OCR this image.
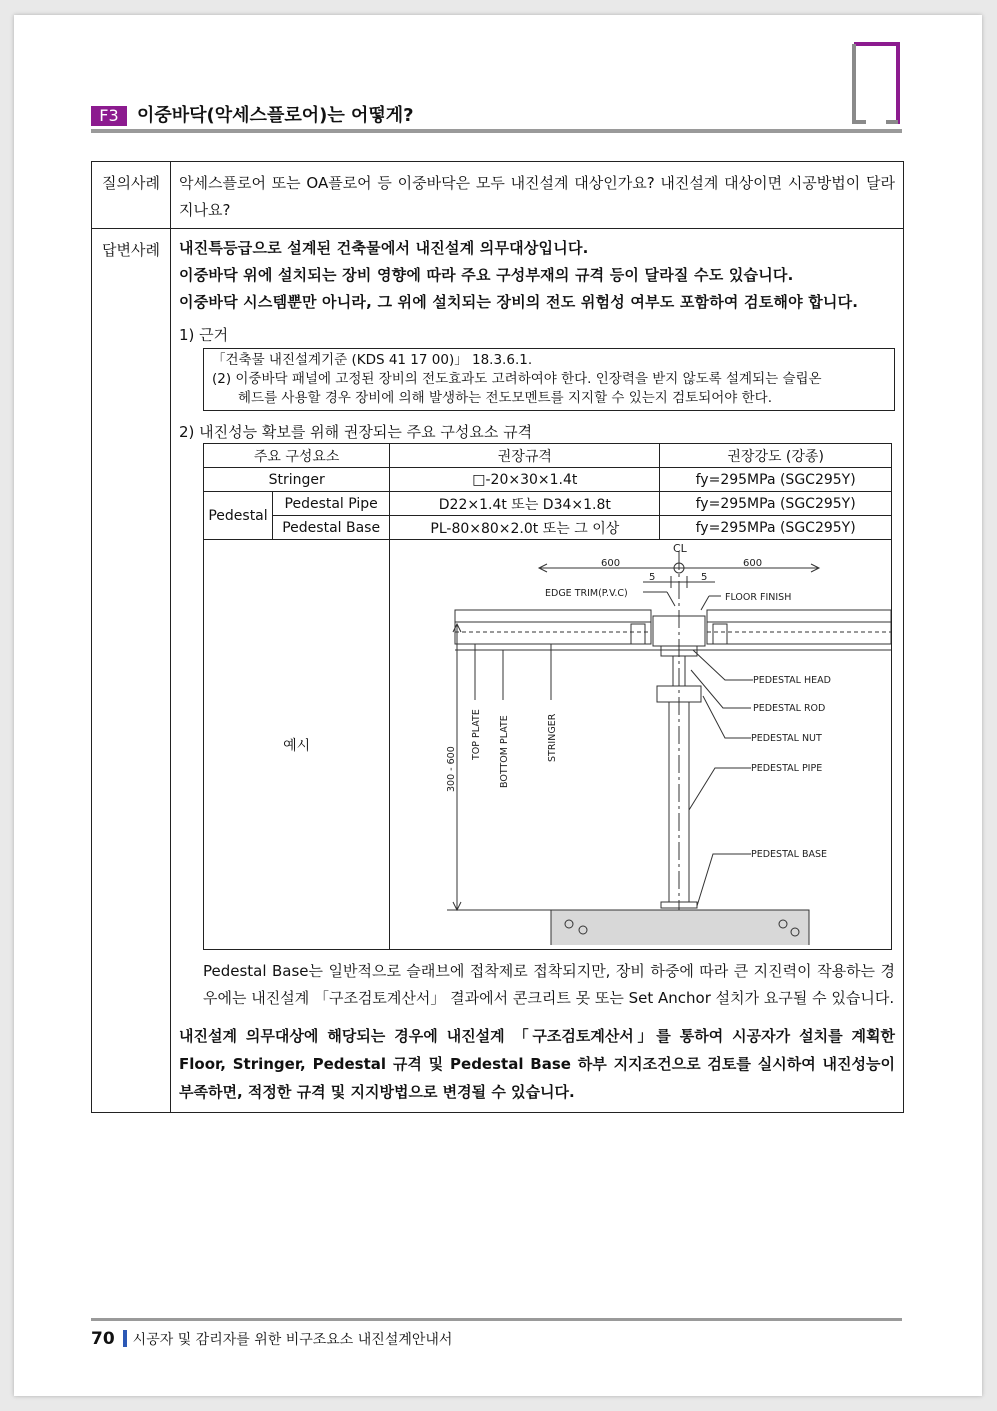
F3	이중바닥(악세스플로어)는 어떻게?
질의사례	악세스플로어 또는 OA플로어 등 이중바닥은 모두 내진설계 대상인가요? 내진설계 대상이면 시공방법이 달라지나요?
답변사례	내진특등급으로 설계된 건축물에서 내진설계 의무대상입니다.
이중바닥 위에 설치되는 장비 영향에 따라 주요 구성부재의 규격 등이 달라질 수도 있습니다.
이중바닥 시스템뿐만 아니라, 그 위에 설치되는 장비의 전도 위험성 여부도 포함하여 검토해야 합니다.
1) 근거
「건축물 내진설계기준 (KDS 41 17 00)」 18.3.6.1.
(2) 이중바닥 패널에 고정된 장비의 전도효과도 고려하여야 한다. 인장력을 받지 않도록 설계되는 슬립온
헤드를 사용할 경우 장비에 의해 발생하는 전도모멘트를 지지할 수 있는지 검토되어야 한다.
2) 내진성능 확보를 위해 권장되는 주요 구성요소 규격
주요 구성요소	권장규격	권장강도 (강종)
Stringer	□-20×30×1.4t	fy=295MPa (SGC295Y)
Pedestal	Pedestal Pipe	D22×1.4t 또는 D34×1.8t	fy=295MPa (SGC295Y)
Pedestal Base	PL-80×80×2.0t 또는 그 이상	fy=295MPa (SGC295Y)
예시	
600	600
CL
5	5
EDGE TRIM(P.V.C)	FLOOR FINISH
PEDESTAL HEAD
PEDESTAL ROD
PEDESTAL NUT
PEDESTAL PIPE
PEDESTAL BASE
300 - 600
TOP PLATE BOTTOM PLATE	STRINGER
Pedestal Base는 일반적으로 슬래브에 접착제로 접착되지만, 장비 하중에 따라 큰 지진력이 작용하는 경우에는 내진설계 「구조검토계산서」 결과에서 콘크리트 못 또는 Set Anchor 설치가 요구될 수 있습니다.
내진설계 의무대상에 해당되는 경우에 내진설계 「구조검토계산서」를 통하여 시공자가 설치를 계획한 Floor, Stringer, Pedestal 규격 및 Pedestal Base 하부 지지조건으로 검토를 실시하여 내진성능이 부족하면, 적정한 규격 및 지지방법으로 변경될 수 있습니다.
70 시공자 및 감리자를 위한 비구조요소 내진설계안내서
